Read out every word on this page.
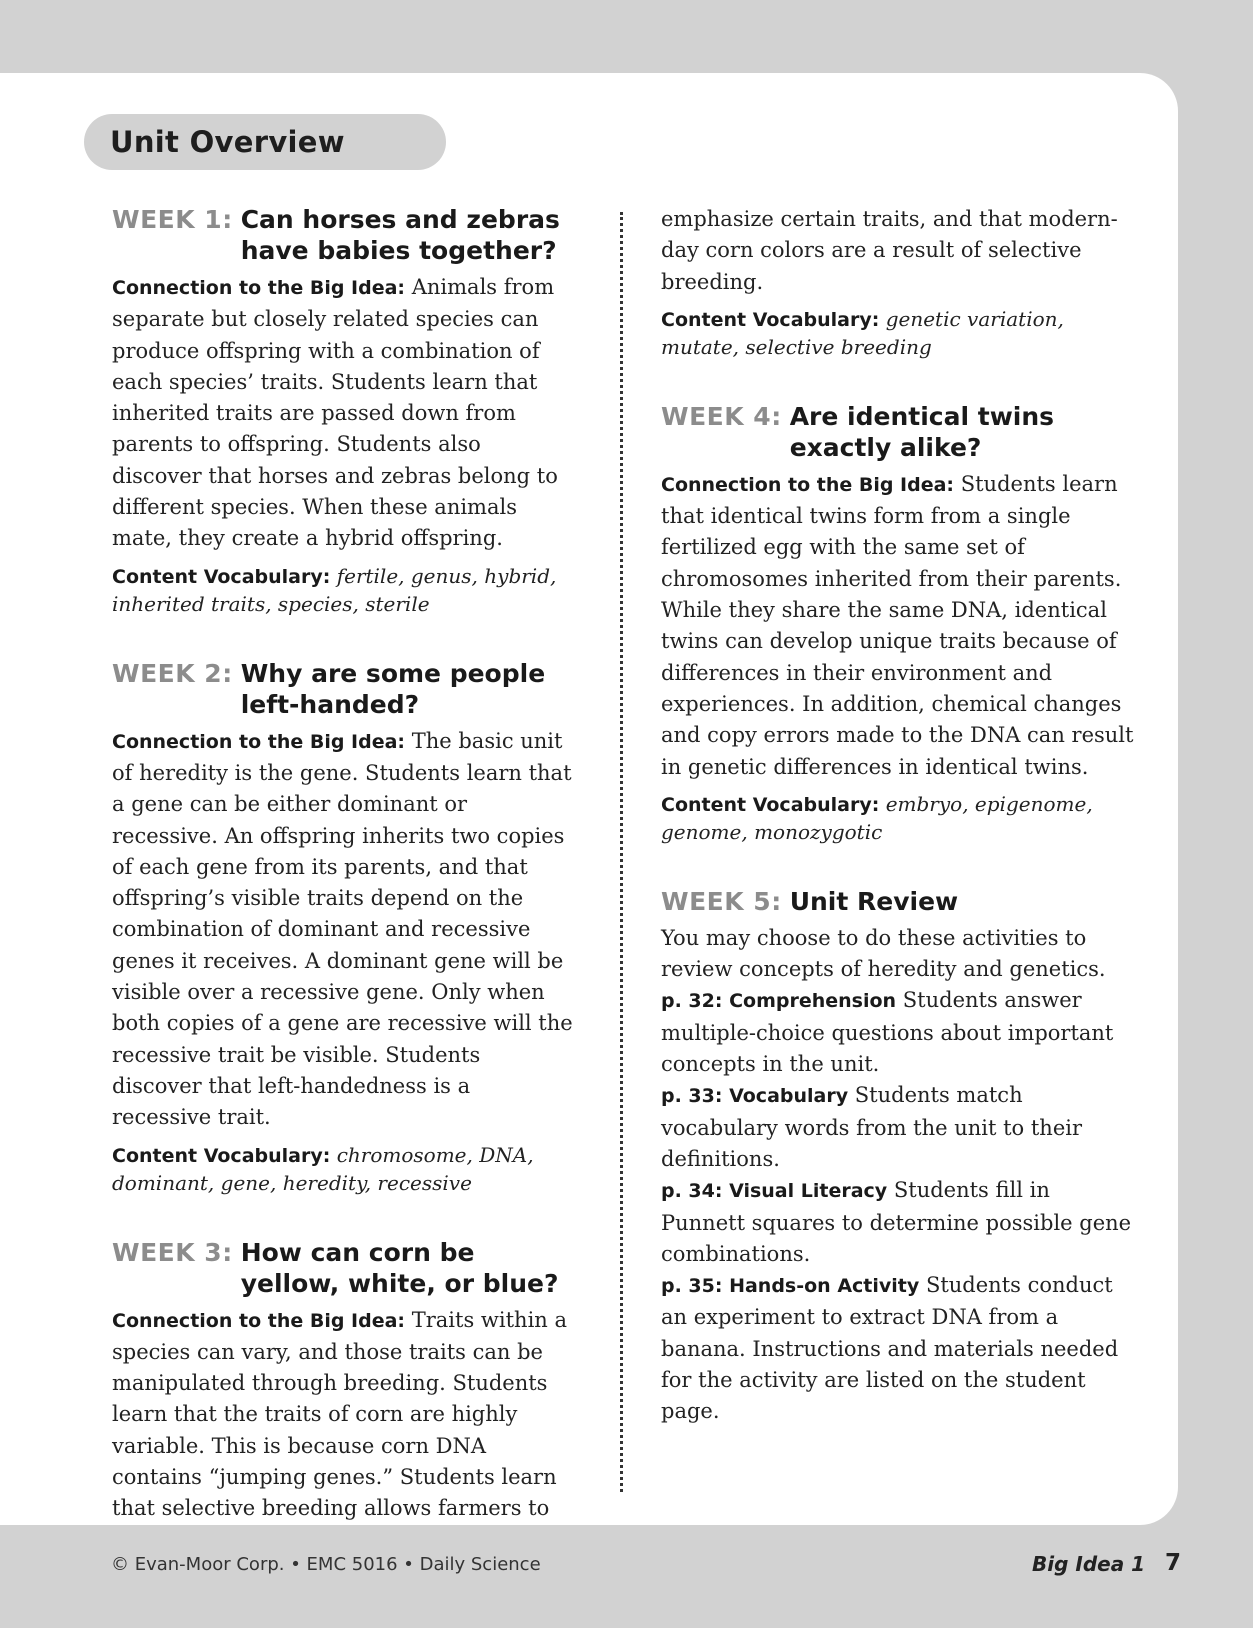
Unit Overview
WEEK 1: Can horses and zebras have babies together?

Connection to the Big Idea: Animals from separate but closely related species can produce offspring with a combination of each species’ traits. Students learn that inherited traits are passed down from parents to offspring. Students also discover that horses and zebras belong to different species. When these animals mate, they create a hybrid offspring.

Content Vocabulary: fertile, genus, hybrid, inherited traits, species, sterile

WEEK 2: Why are some people left-handed?

Connection to the Big Idea: The basic unit of heredity is the gene. Students learn that a gene can be either dominant or recessive. An offspring inherits two copies of each gene from its parents, and that offspring’s visible traits depend on the combination of dominant and recessive genes it receives. A dominant gene will be visible over a recessive gene. Only when both copies of a gene are recessive will the recessive trait be visible. Students discover that left-handedness is a recessive trait.

Content Vocabulary: chromosome, DNA, dominant, gene, heredity, recessive

WEEK 3: How can corn be yellow, white, or blue?

Connection to the Big Idea: Traits within a species can vary, and those traits can be manipulated through breeding. Students learn that the traits of corn are highly variable. This is because corn DNA contains “jumping genes.” Students learn that selective breeding allows farmers to

emphasize certain traits, and that modern-day corn colors are a result of selective breeding.

Content Vocabulary: genetic variation, mutate, selective breeding

WEEK 4: Are identical twins exactly alike?

Connection to the Big Idea: Students learn that identical twins form from a single fertilized egg with the same set of chromosomes inherited from their parents. While they share the same DNA, identical twins can develop unique traits because of differences in their environment and experiences. In addition, chemical changes and copy errors made to the DNA can result in genetic differences in identical twins.

Content Vocabulary: embryo, epigenome, genome, monozygotic

WEEK 5: Unit Review

You may choose to do these activities to review concepts of heredity and genetics.

p. 32: Comprehension Students answer multiple-choice questions about important concepts in the unit.

p. 33: Vocabulary Students match vocabulary words from the unit to their definitions.

p. 34: Visual Literacy Students fill in Punnett squares to determine possible gene combinations.

p. 35: Hands-on Activity Students conduct an experiment to extract DNA from a banana. Instructions and materials needed for the activity are listed on the student page.

© Evan-Moor Corp. • EMC 5016 • Daily Science	Big Idea 1 7
